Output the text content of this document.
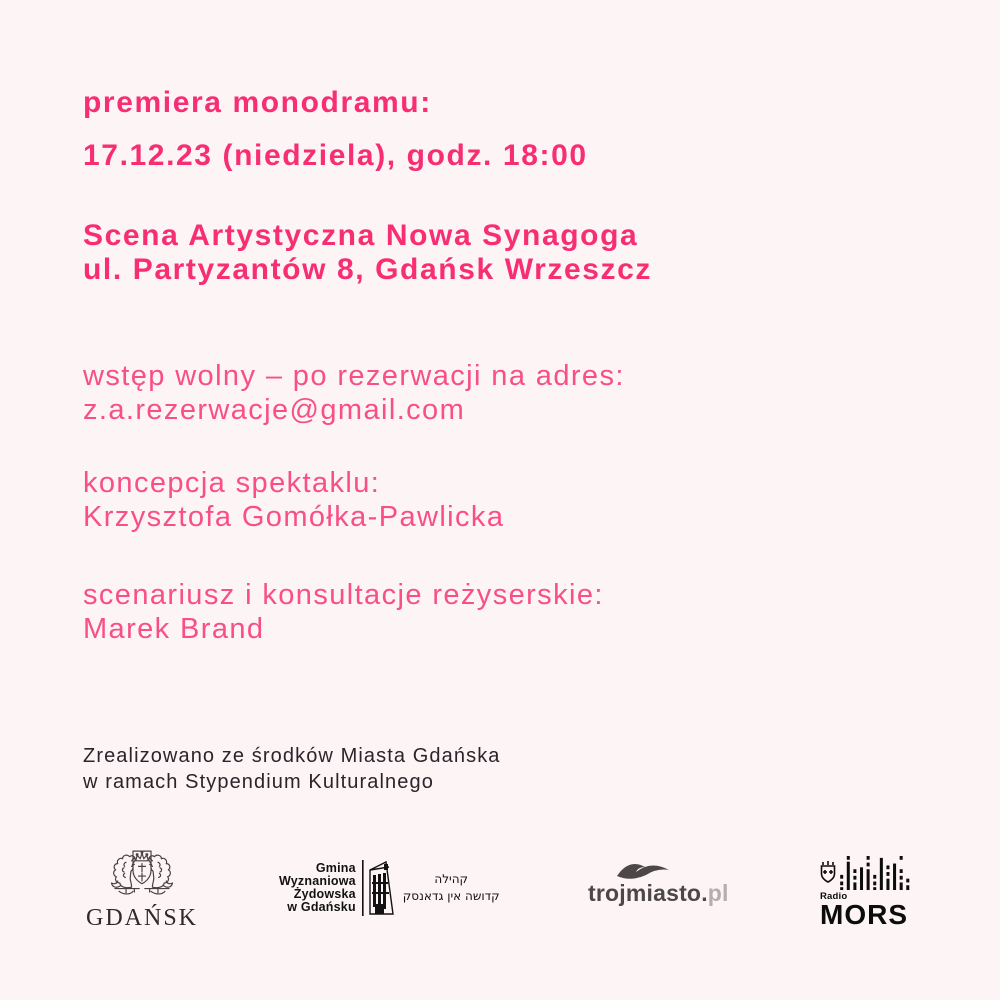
premiera monodramu:
17.12.23 (niedziela), godz. 18:00
Scena Artystyczna Nowa Synagoga
ul. Partyzantów 8, Gdańsk Wrzeszcz
wstęp wolny – po rezerwacji na adres:
z.a.rezerwacje@gmail.com
koncepcja spektaklu:
Krzysztofa Gomółka-Pawlicka
scenariusz i konsultacje reżyserskie:
Marek Brand
Zrealizowano ze środków Miasta Gdańska
w ramach Stypendium Kulturalnego
GDAŃSK
Gmina
Wyznaniowa
Żydowska
w Gdańsku
קהילה
קדושה אין גדאנסק	trojmiasto.pl	Radio
MORS
